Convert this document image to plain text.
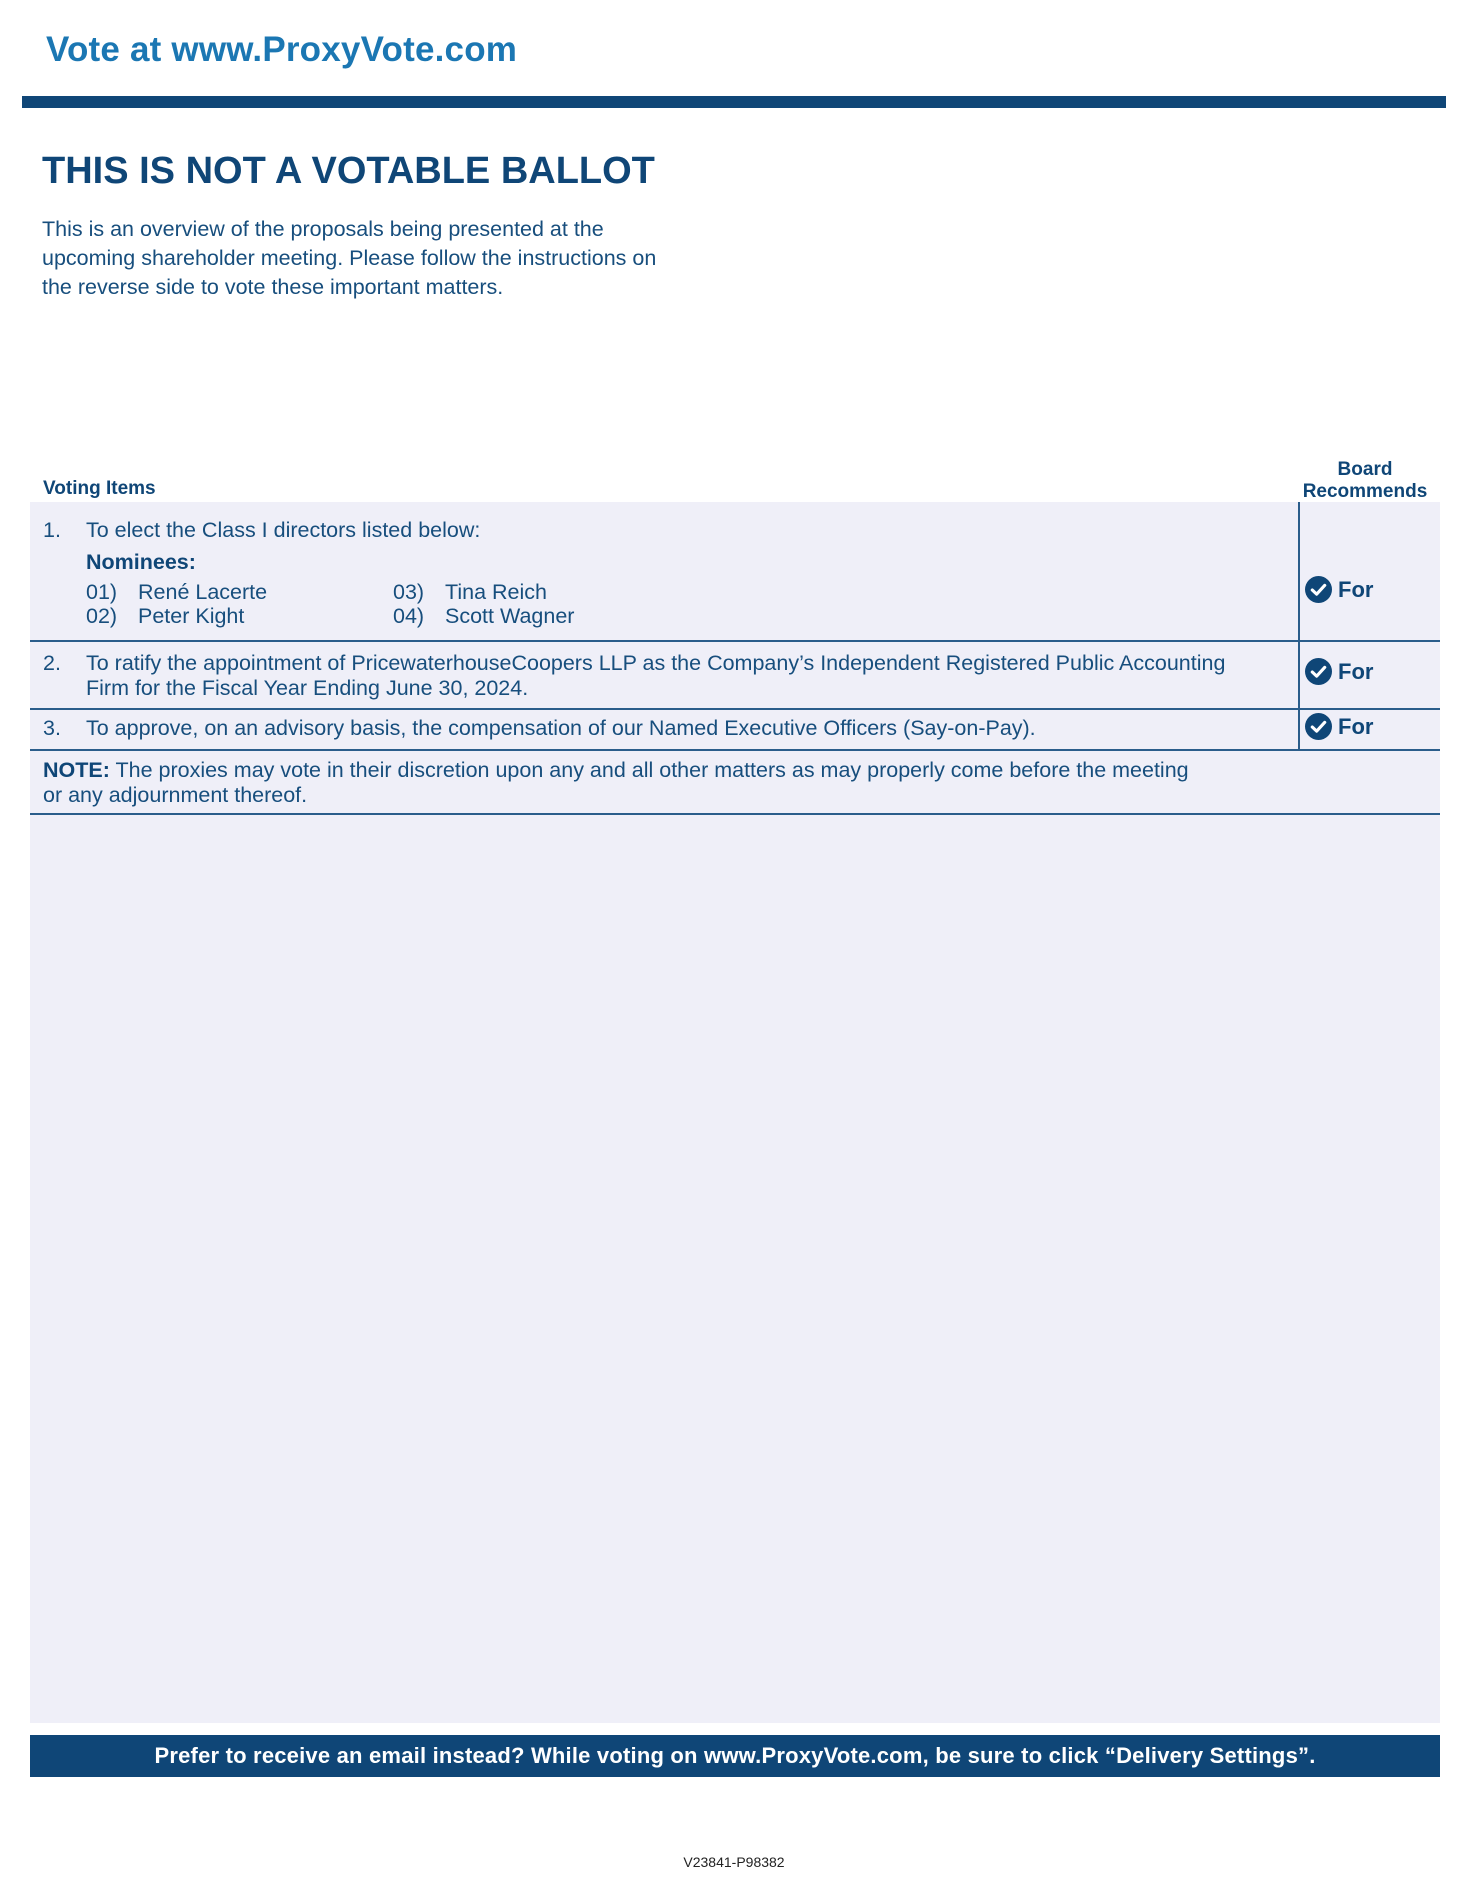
Vote at www.ProxyVote.com
THIS IS NOT A VOTABLE BALLOT
This is an overview of the proposals being presented at the
upcoming shareholder meeting. Please follow the instructions on
the reverse side to vote these important matters.
Voting Items
Board
Recommends
1. To elect the Class I directors listed below:
Nominees:
01) René Lacerte
02) Peter Kight
03) Tina Reich
04) Scott Wagner
For
2. To ratify the appointment of PricewaterhouseCoopers LLP as the Company’s Independent Registered Public Accounting
Firm for the Fiscal Year Ending June 30, 2024.
For
3. To approve, on an advisory basis, the compensation of our Named Executive Officers (Say-on-Pay).	For
NOTE: The proxies may vote in their discretion upon any and all other matters as may properly come before the meeting
or any adjournment thereof.
Prefer to receive an email instead? While voting on www.ProxyVote.com, be sure to click “Delivery Settings”.
V23841-P98382
